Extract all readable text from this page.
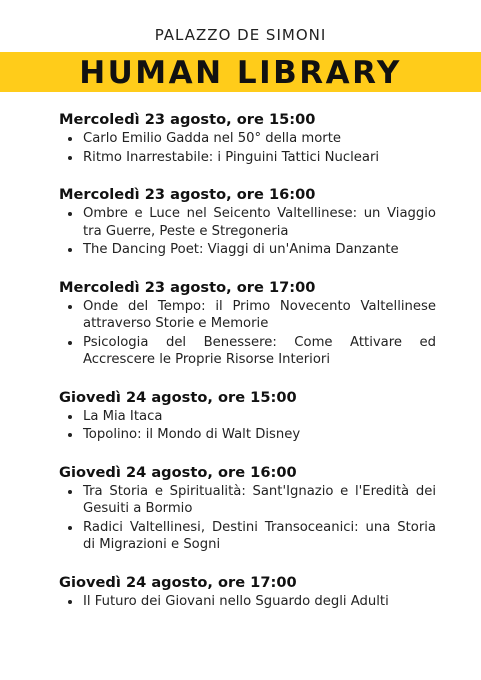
PALAZZO DE SIMONI
HUMAN LIBRARY
Mercoledì 23 agosto, ore 15:00
Carlo Emilio Gadda nel 50° della morte
Ritmo Inarrestabile: i Pinguini Tattici Nucleari
Mercoledì 23 agosto, ore 16:00
Ombre e Luce nel Seicento Valtellinese: un Viaggio tra Guerre, Peste e Stregoneria
The Dancing Poet: Viaggi di un'Anima Danzante
Mercoledì 23 agosto, ore 17:00
Onde del Tempo: il Primo Novecento Valtellinese attraverso Storie e Memorie
Psicologia del Benessere: Come Attivare ed Accrescere le Proprie Risorse Interiori
Giovedì 24 agosto, ore 15:00
La Mia Itaca
Topolino: il Mondo di Walt Disney
Giovedì 24 agosto, ore 16:00
Tra Storia e Spiritualità: Sant'Ignazio e l'Eredità dei Gesuiti a Bormio
Radici Valtellinesi, Destini Transoceanici: una Storia di Migrazioni e Sogni
Giovedì 24 agosto, ore 17:00
Il Futuro dei Giovani nello Sguardo degli Adulti
